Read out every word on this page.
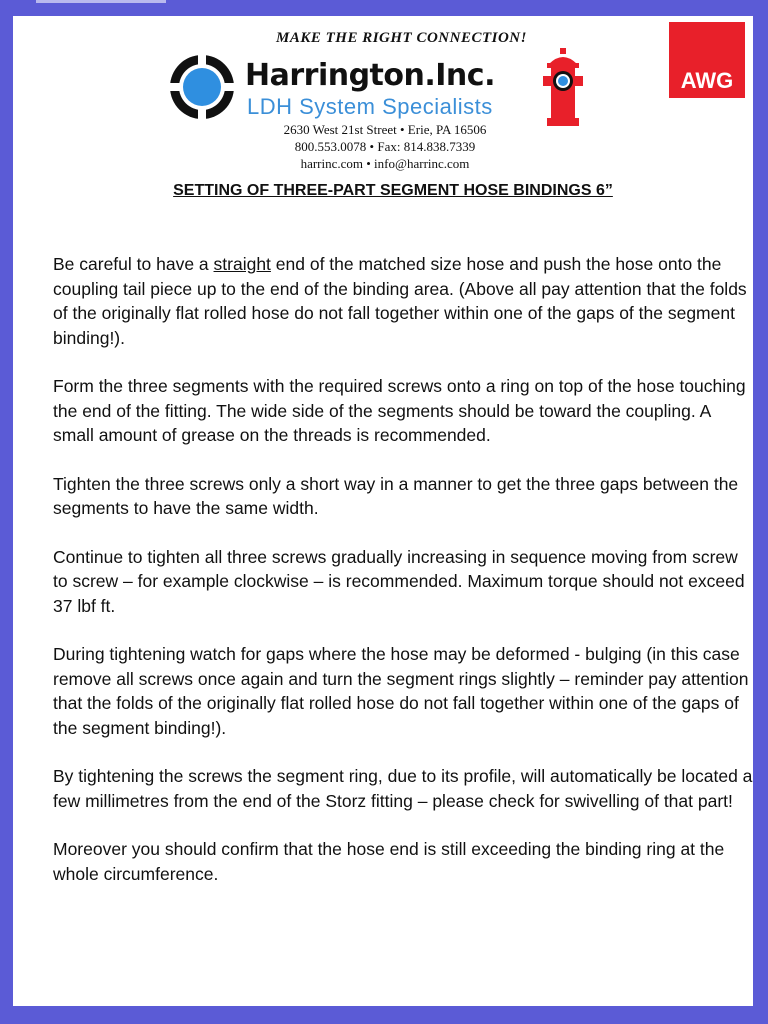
MAKE THE RIGHT CONNECTION!
Harrington.Inc.
LDH System Specialists
AWG
2630 West 21st Street • Erie, PA 16506
800.553.0078 • Fax: 814.838.7339
harrinc.com • info@harrinc.com
SETTING OF THREE-PART SEGMENT HOSE BINDINGS 6”

Be careful to have a straight end of the matched size hose and push the hose onto the coupling tail piece up to the end of the binding area. (Above all pay attention that the folds of the originally flat rolled hose do not fall together within one of the gaps of the segment binding!).

Form the three segments with the required screws onto a ring on top of the hose touching the end of the fitting. The wide side of the segments should be toward the coupling. A small amount of grease on the threads is recommended.

Tighten the three screws only a short way in a manner to get the three gaps between the segments to have the same width.

Continue to tighten all three screws gradually increasing in sequence moving from screw to screw – for example clockwise – is recommended. Maximum torque should not exceed 37 lbf ft.

During tightening watch for gaps where the hose may be deformed - bulging (in this case remove all screws once again and turn the segment rings slightly – reminder pay attention that the folds of the originally flat rolled hose do not fall together within one of the gaps of the segment binding!).

By tightening the screws the segment ring, due to its profile, will automatically be located a few millimetres from the end of the Storz fitting – please check for swivelling of that part!

Moreover you should confirm that the hose end is still exceeding the binding ring at the whole circumference.
